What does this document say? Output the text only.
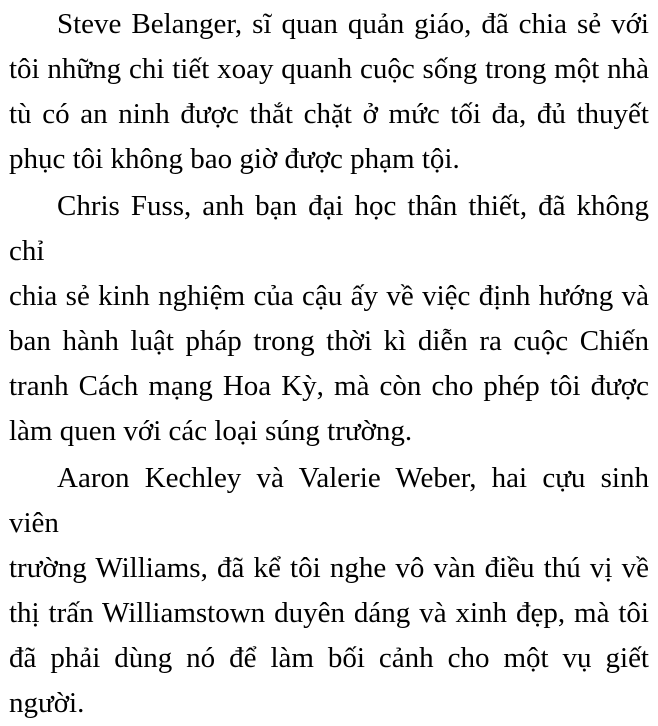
Steve Belanger, sĩ quan quản giáo, đã chia sẻ với
tôi những chi tiết xoay quanh cuộc sống trong một nhà
tù có an ninh được thắt chặt ở mức tối đa, đủ thuyết
phục tôi không bao giờ được phạm tội.
Chris Fuss, anh bạn đại học thân thiết, đã không chỉ
chia sẻ kinh nghiệm của cậu ấy về việc định hướng và
ban hành luật pháp trong thời kì diễn ra cuộc Chiến
tranh Cách mạng Hoa Kỳ, mà còn cho phép tôi được
làm quen với các loại súng trường.
Aaron Kechley và Valerie Weber, hai cựu sinh viên
trường Williams, đã kể tôi nghe vô vàn điều thú vị về
thị trấn Williamstown duyên dáng và xinh đẹp, mà tôi
đã phải dùng nó để làm bối cảnh cho một vụ giết
người.
